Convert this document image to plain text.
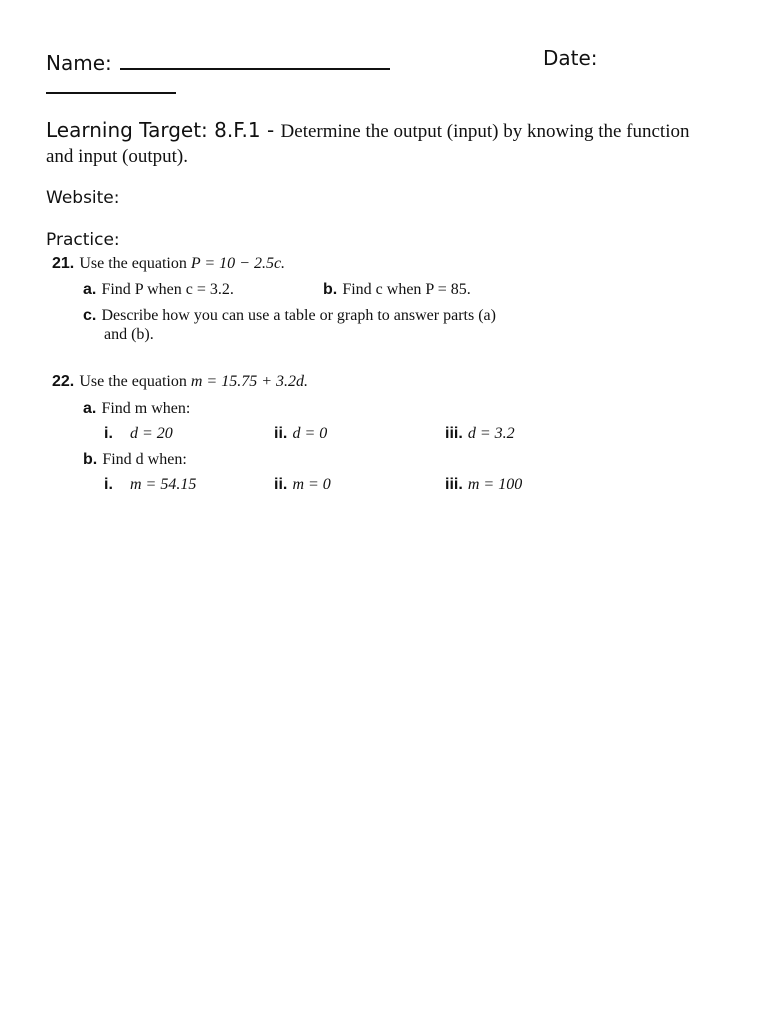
Name:	Date:
Learning Target: 8.F.1 - Determine the output (input) by knowing the function
and input (output).
Website:
Practice:
21. Use the equation P = 10 − 2.5c.
a. Find P when c = 3.2.	b. Find c when P = 85.
c. Describe how you can use a table or graph to answer parts (a)
and (b).
22. Use the equation m = 15.75 + 3.2d.
a. Find m when:
i. d = 20	ii. d = 0	iii. d = 3.2
b. Find d when:
i. m = 54.15	ii. m = 0	iii. m = 100
